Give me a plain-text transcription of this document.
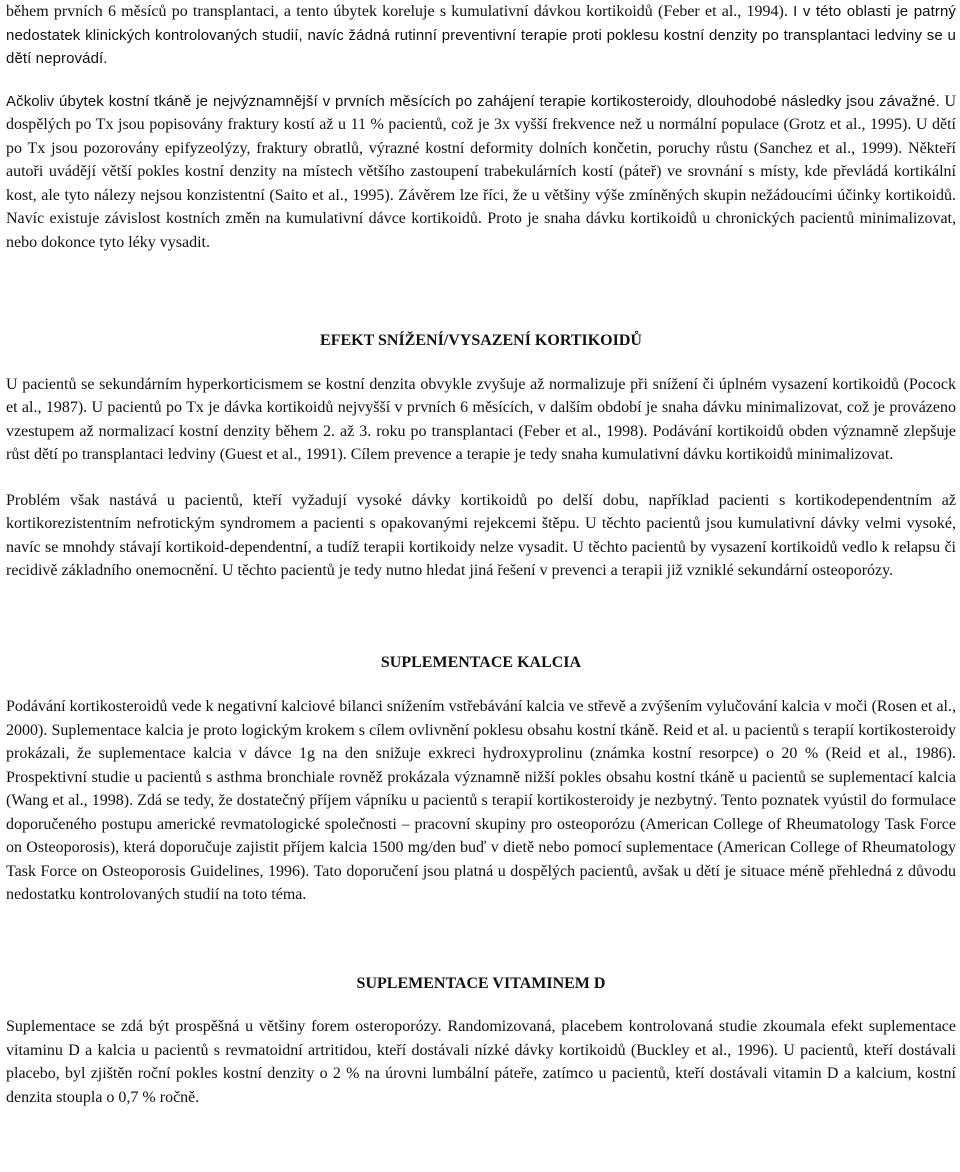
během prvních 6 měsíců po transplantaci, a tento úbytek koreluje s kumulativní dávkou kortikoidů (Feber et al., 1994). I v této oblasti je patrný nedostatek klinických kontrolovaných studií, navíc žádná rutinní preventivní terapie proti poklesu kostní denzity po transplantaci ledviny se u dětí neprovádí.

Ačkoliv úbytek kostní tkáně je nejvýznamnější v prvních měsících po zahájení terapie kortikosteroidy, dlouhodobé následky jsou závažné. U dospělých po Tx jsou popisovány fraktury kostí až u 11 % pacientů, což je 3x vyšší frekvence než u normální populace (Grotz et al., 1995). U dětí po Tx jsou pozorovány epifyzeolýzy, fraktury obratlů, výrazné kostní deformity dolních končetin, poruchy růstu (Sanchez et al., 1999). Někteří autoři uvádějí větší pokles kostní denzity na místech většího zastoupení trabekulárních kostí (páteř) ve srovnání s místy, kde převládá kortikální kost, ale tyto nálezy nejsou konzistentní (Saito et al., 1995). Závěrem lze říci, že u většiny výše zmíněných skupin nežádoucími účinky kortikoidů. Navíc existuje závislost kostních změn na kumulativní dávce kortikoidů. Proto je snaha dávku kortikoidů u chronických pacientů minimalizovat, nebo dokonce tyto léky vysadit.

EFEKT SNÍŽENÍ/VYSAZENÍ KORTIKOIDŮ

U pacientů se sekundárním hyperkorticismem se kostní denzita obvykle zvyšuje až normalizuje při snížení či úplném vysazení kortikoidů (Pocock et al., 1987). U pacientů po Tx je dávka kortikoidů nejvyšší v prvních 6 měsících, v dalším období je snaha dávku minimalizovat, což je provázeno vzestupem až normalizací kostní denzity během 2. až 3. roku po transplantaci (Feber et al., 1998). Podávání kortikoidů obden významně zlepšuje růst dětí po transplantaci ledviny (Guest et al., 1991). Cílem prevence a terapie je tedy snaha kumulativní dávku kortikoidů minimalizovat.

Problém však nastává u pacientů, kteří vyžadují vysoké dávky kortikoidů po delší dobu, například pacienti s kortikodependentním až kortikorezistentním nefrotickým syndromem a pacienti s opakovanými rejekcemi štěpu. U těchto pacientů jsou kumulativní dávky velmi vysoké, navíc se mnohdy stávají kortikoid-dependentní, a tudíž terapii kortikoidy nelze vysadit. U těchto pacientů by vysazení kortikoidů vedlo k relapsu či recidivě základního onemocnění. U těchto pacientů je tedy nutno hledat jiná řešení v prevenci a terapii již vzniklé sekundární osteoporózy.

SUPLEMENTACE KALCIA

Podávání kortikosteroidů vede k negativní kalciové bilanci snížením vstřebávání kalcia ve střevě a zvýšením vylučování kalcia v moči (Rosen et al., 2000). Suplementace kalcia je proto logickým krokem s cílem ovlivnění poklesu obsahu kostní tkáně. Reid et al. u pacientů s terapií kortikosteroidy prokázali, že suplementace kalcia v dávce 1g na den snižuje exkreci hydroxyprolinu (známka kostní resorpce) o 20 % (Reid et al., 1986). Prospektivní studie u pacientů s asthma bronchiale rovněž prokázala významně nižší pokles obsahu kostní tkáně u pacientů se suplementací kalcia (Wang et al., 1998). Zdá se tedy, že dostatečný příjem vápníku u pacientů s terapií kortikosteroidy je nezbytný. Tento poznatek vyústil do formulace doporučeného postupu americké revmatologické společnosti – pracovní skupiny pro osteoporózu (American College of Rheumatology Task Force on Osteoporosis), která doporučuje zajistit příjem kalcia 1500 mg/den buď v dietě nebo pomocí suplementace (American College of Rheumatology Task Force on Osteoporosis Guidelines, 1996). Tato doporučení jsou platná u dospělých pacientů, avšak u dětí je situace méně přehledná z důvodu nedostatku kontrolovaných studií na toto téma.

SUPLEMENTACE VITAMINEM D

Suplementace se zdá být prospěšná u většiny forem osteroporózy. Randomizovaná, placebem kontrolovaná studie zkoumala efekt suplementace vitaminu D a kalcia u pacientů s revmatoidní artritidou, kteří dostávali nízké dávky kortikoidů (Buckley et al., 1996). U pacientů, kteří dostávali placebo, byl zjištěn roční pokles kostní denzity o 2 % na úrovni lumbální páteře, zatímco u pacientů, kteří dostávali vitamin D a kalcium, kostní denzita stoupla o 0,7 % ročně.
